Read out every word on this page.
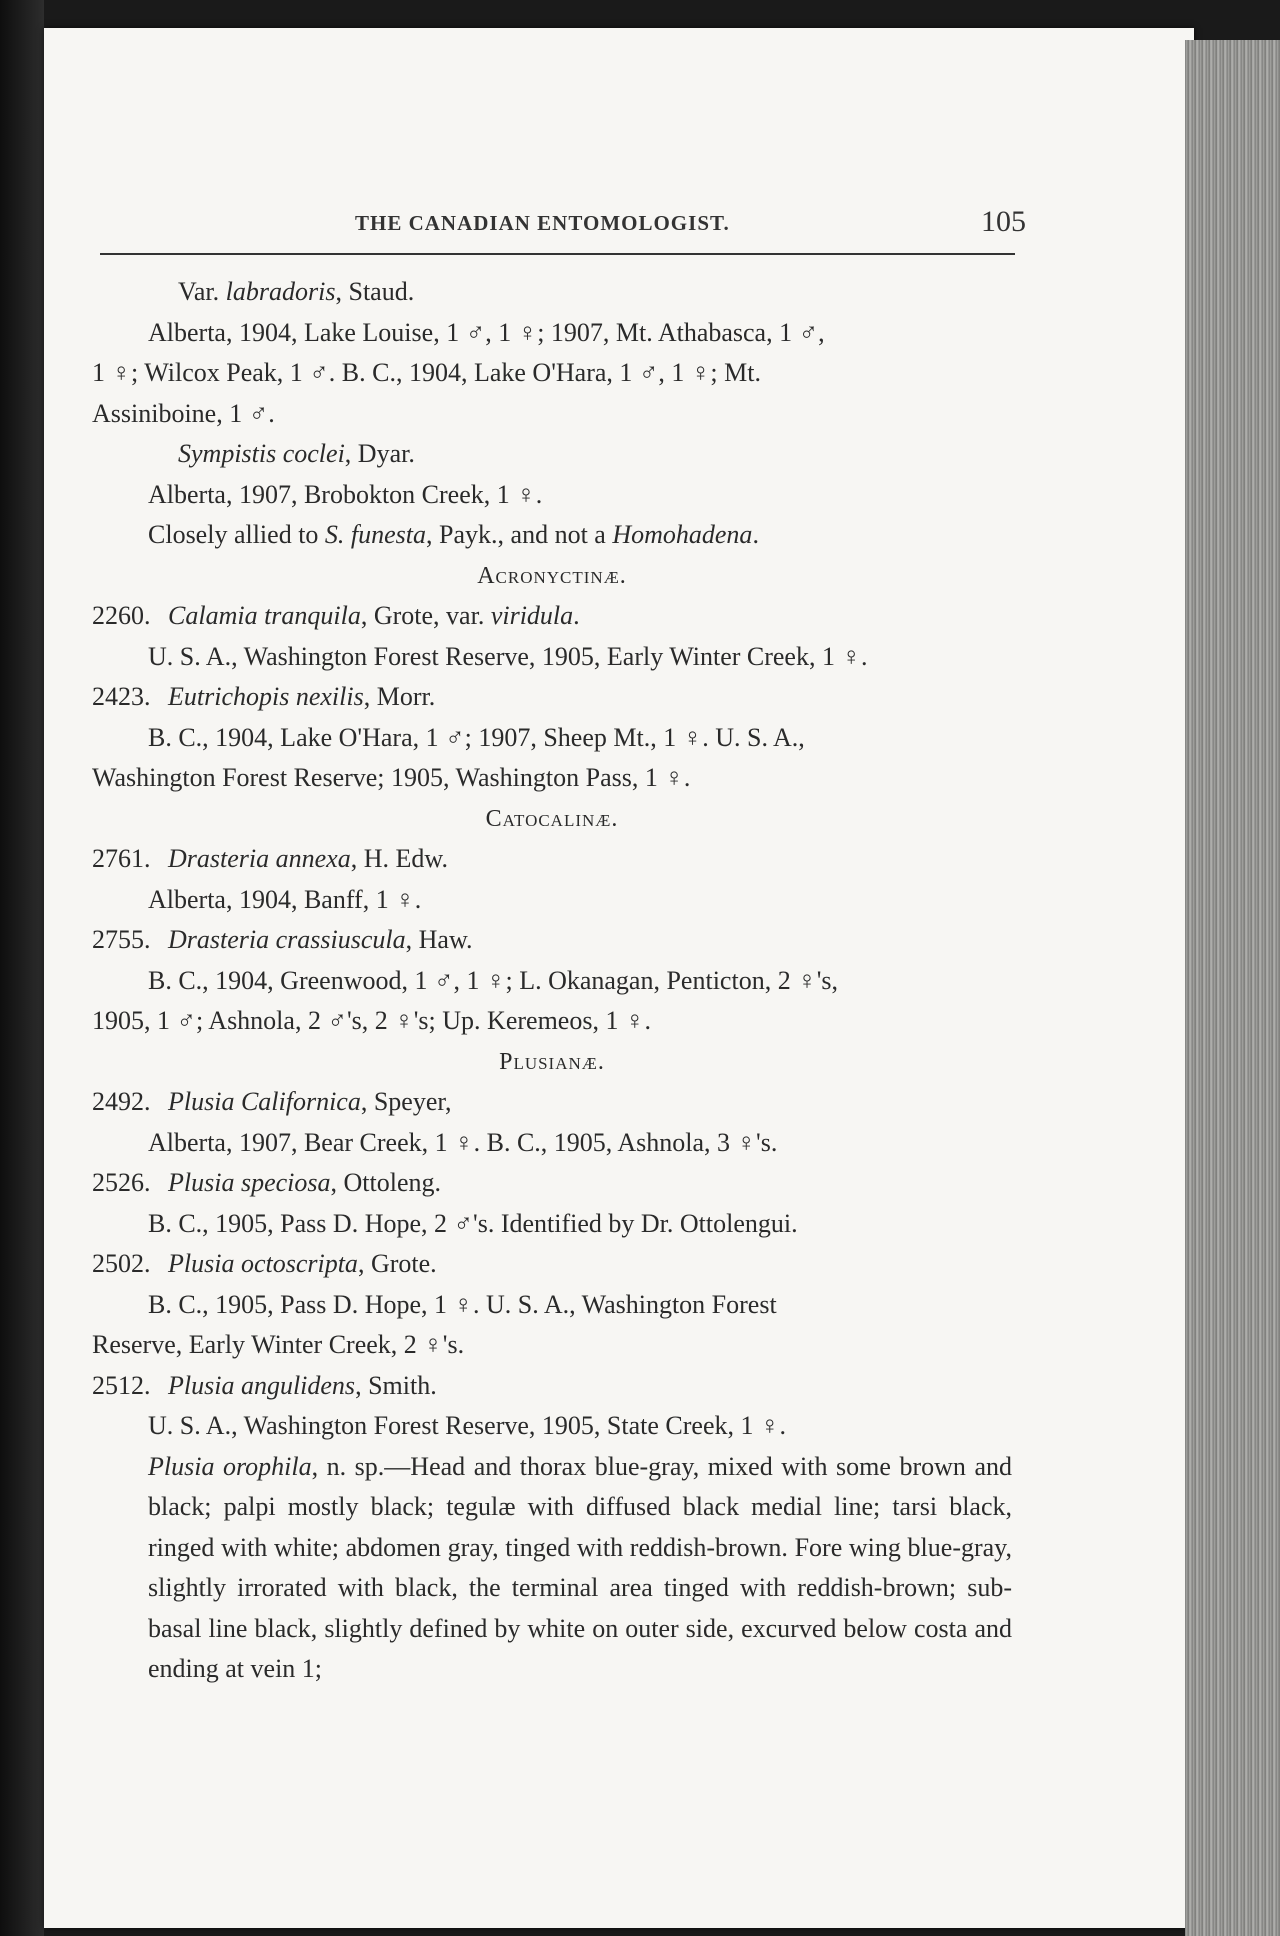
THE CANADIAN ENTOMOLOGIST.	105
Var. labradoris, Staud.
Alberta, 1904, Lake Louise, 1 ♂, 1 ♀; 1907, Mt. Athabasca, 1 ♂,
1 ♀; Wilcox Peak, 1 ♂. B. C., 1904, Lake O'Hara, 1 ♂, 1 ♀; Mt.
Assiniboine, 1 ♂.
Sympistis coclei, Dyar.
Alberta, 1907, Brobokton Creek, 1 ♀.
Closely allied to S. funesta, Payk., and not a Homohadena.
Acronyctinæ.
2260. Calamia tranquila, Grote, var. viridula.
U. S. A., Washington Forest Reserve, 1905, Early Winter Creek, 1 ♀.
2423. Eutrichopis nexilis, Morr.
B. C., 1904, Lake O'Hara, 1 ♂; 1907, Sheep Mt., 1 ♀. U. S. A.,
Washington Forest Reserve; 1905, Washington Pass, 1 ♀.
Catocalinæ.
2761. Drasteria annexa, H. Edw.
Alberta, 1904, Banff, 1 ♀.
2755. Drasteria crassiuscula, Haw.
B. C., 1904, Greenwood, 1 ♂, 1 ♀; L. Okanagan, Penticton, 2 ♀'s,
1905, 1 ♂; Ashnola, 2 ♂'s, 2 ♀'s; Up. Keremeos, 1 ♀.
Plusianæ.
2492. Plusia Californica, Speyer,
Alberta, 1907, Bear Creek, 1 ♀. B. C., 1905, Ashnola, 3 ♀'s.
2526. Plusia speciosa, Ottoleng.
B. C., 1905, Pass D. Hope, 2 ♂'s. Identified by Dr. Ottolengui.
2502. Plusia octoscripta, Grote.
B. C., 1905, Pass D. Hope, 1 ♀. U. S. A., Washington Forest
Reserve, Early Winter Creek, 2 ♀'s.
2512. Plusia angulidens, Smith.
U. S. A., Washington Forest Reserve, 1905, State Creek, 1 ♀.
Plusia orophila, n. sp.—Head and thorax blue-gray, mixed with some brown and black; palpi mostly black; tegulæ with diffused black medial line; tarsi black, ringed with white; abdomen gray, tinged with reddish-brown. Fore wing blue-gray, slightly irrorated with black, the terminal area tinged with reddish-brown; sub-basal line black, slightly defined by white on outer side, excurved below costa and ending at vein 1;
